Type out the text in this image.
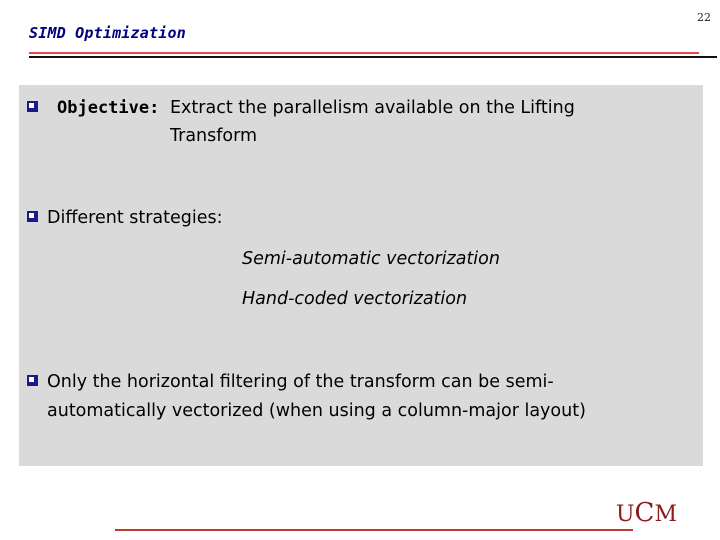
22
SIMD Optimization
Objective: Extract the parallelism available on the Lifting
Transform
Different strategies:
Semi-automatic vectorization
Hand-coded vectorization
Only the horizontal filtering of the transform can be semi-
automatically vectorized (when using a column-major layout)
UCM
